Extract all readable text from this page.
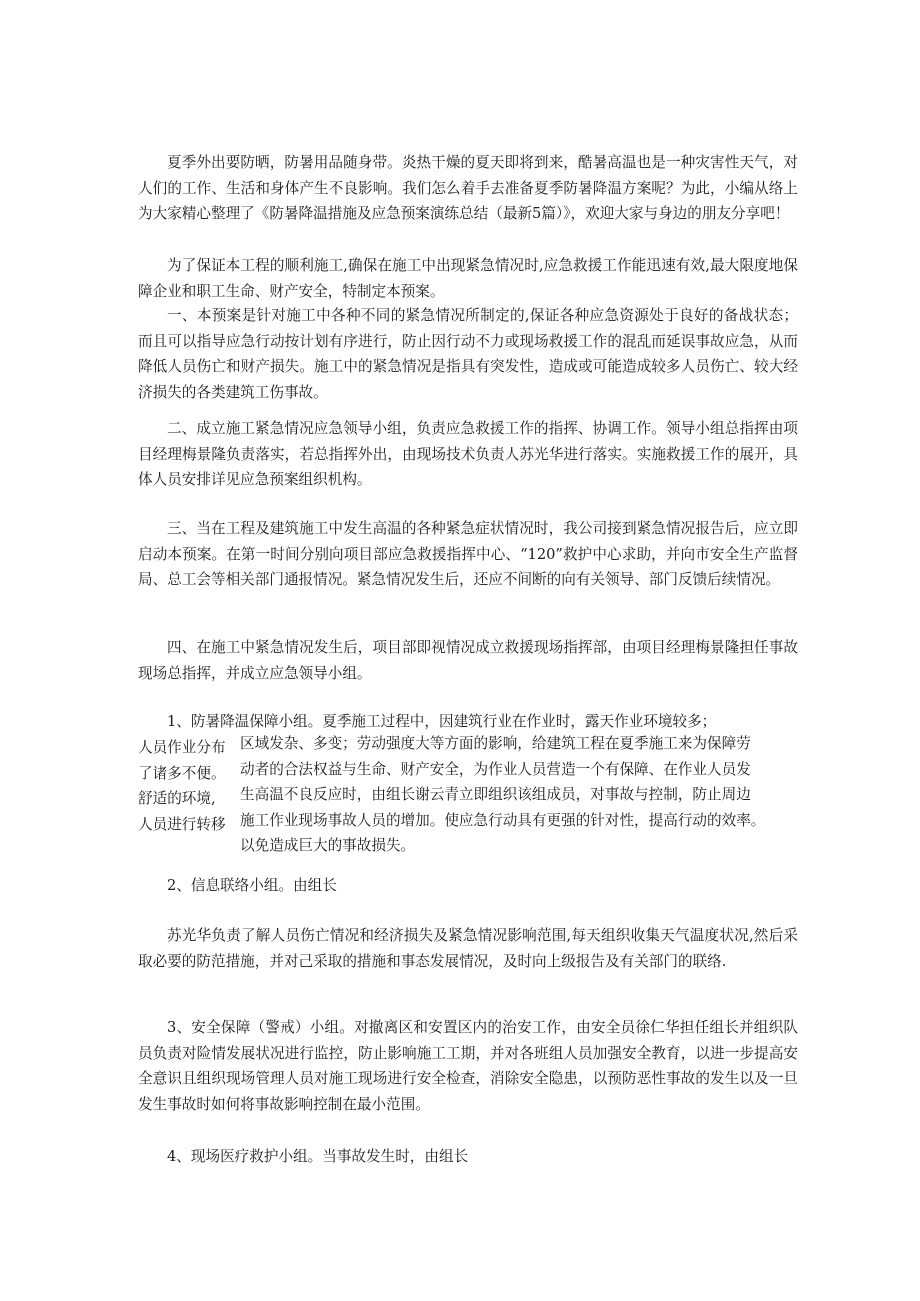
夏季外出要防晒，防暑用品随身带。炎热干燥的夏天即将到来，酷暑高温也是一种灾害性天气，对人们的工作、生活和身体产生不良影响。我们怎么着手去准备夏季防暑降温方案呢？为此，小编从络上为大家精心整理了《防暑降温措施及应急预案演练总结（最新5篇）》，欢迎大家与身边的朋友分享吧！

为了保证本工程的顺利施工,确保在施工中出现紧急情况时,应急救援工作能迅速有效,最大限度地保障企业和职工生命、财产安全，特制定本预案。

一、本预案是针对施工中各种不同的紧急情况所制定的,保证各种应急资源处于良好的备战状态；而且可以指导应急行动按计划有序进行，防止因行动不力或现场救援工作的混乱而延误事故应急，从而降低人员伤亡和财产损失。施工中的紧急情况是指具有突发性，造成或可能造成较多人员伤亡、较大经济损失的各类建筑工伤事故。

二、成立施工紧急情况应急领导小组，负责应急救援工作的指挥、协调工作。领导小组总指挥由项目经理梅景隆负责落实，若总指挥外出，由现场技术负责人苏光华进行落实。实施救援工作的展开，具体人员安排详见应急预案组织机构。

三、当在工程及建筑施工中发生高温的各种紧急症状情况时，我公司接到紧急情况报告后，应立即启动本预案。在第一时间分别向项目部应急救援指挥中心、“120”救护中心求助，并向市安全生产监督局、总工会等相关部门通报情况。紧急情况发生后，还应不间断的向有关领导、部门反馈后续情况。

四、在施工中紧急情况发生后，项目部即视情况成立救援现场指挥部，由项目经理梅景隆担任事故现场总指挥，并成立应急领导小组。

1、防暑降温保障小组。夏季施工过程中，因建筑行业在作业时，露天作业环境较多；

人员作业分布
了诸多不便。
舒适的环境,
人员进行转移
区域发杂、多变；劳动强度大等方面的影响，给建筑工程在夏季施工来为保障劳
动者的合法权益与生命、财产安全，为作业人员营造一个有保障、在作业人员发
生高温不良反应时，由组长谢云青立即组织该组成员，对事故与控制，防止周边
施工作业现场事故人员的增加。使应急行动具有更强的针对性，提高行动的效率。
以免造成巨大的事故损失。

2、信息联络小组。由组长

苏光华负责了解人员伤亡情况和经济损失及紧急情况影响范围,每天组织收集天气温度状况,然后采取必要的防范措施，并对己采取的措施和事态发展情况，及时向上级报告及有关部门的联络.

3、安全保障（警戒）小组。对撤离区和安置区内的治安工作，由安全员徐仁华担任组长并组织队员负责对险情发展状况进行监控，防止影响施工工期，并对各班组人员加强安全教育，以进一步提高安全意识且组织现场管理人员对施工现场进行安全检查，消除安全隐患，以预防恶性事故的发生以及一旦发生事故时如何将事故影响控制在最小范围。

4、现场医疗救护小组。当事故发生时，由组长
